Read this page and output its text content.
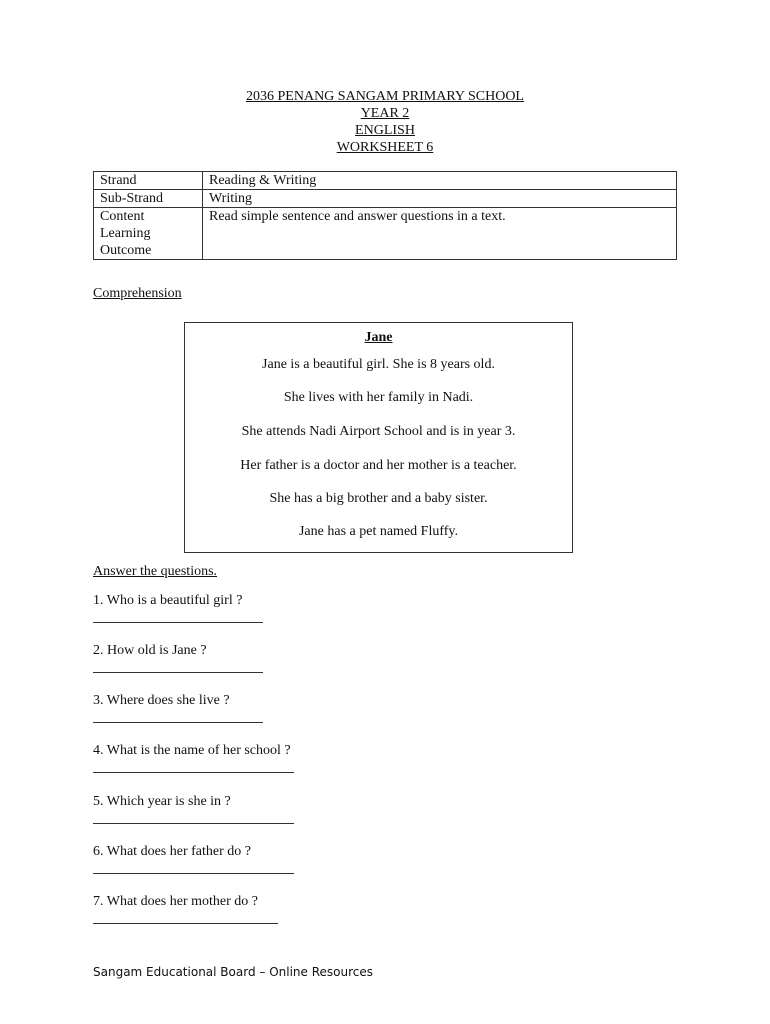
2036 PENANG SANGAM PRIMARY SCHOOL
YEAR 2
ENGLISH
WORKSHEET 6
Strand	Reading & Writing
Sub-Strand	Writing
Content Learning Outcome	Read simple sentence and answer questions in a text.
Comprehension
Jane
Jane is a beautiful girl. She is 8 years old.
She lives with her family in Nadi.
She attends Nadi Airport School and is in year 3.
Her father is a doctor and her mother is a teacher.
She has a big brother and a baby sister.
Jane has a pet named Fluffy.
Answer the questions.
1. Who is a beautiful girl ?
2. How old is Jane ?
3. Where does she live ?
4. What is the name of her school ?
5. Which year is she in ?
6. What does her father do ?
7. What does her mother do ?
Sangam Educational Board – Online Resources
